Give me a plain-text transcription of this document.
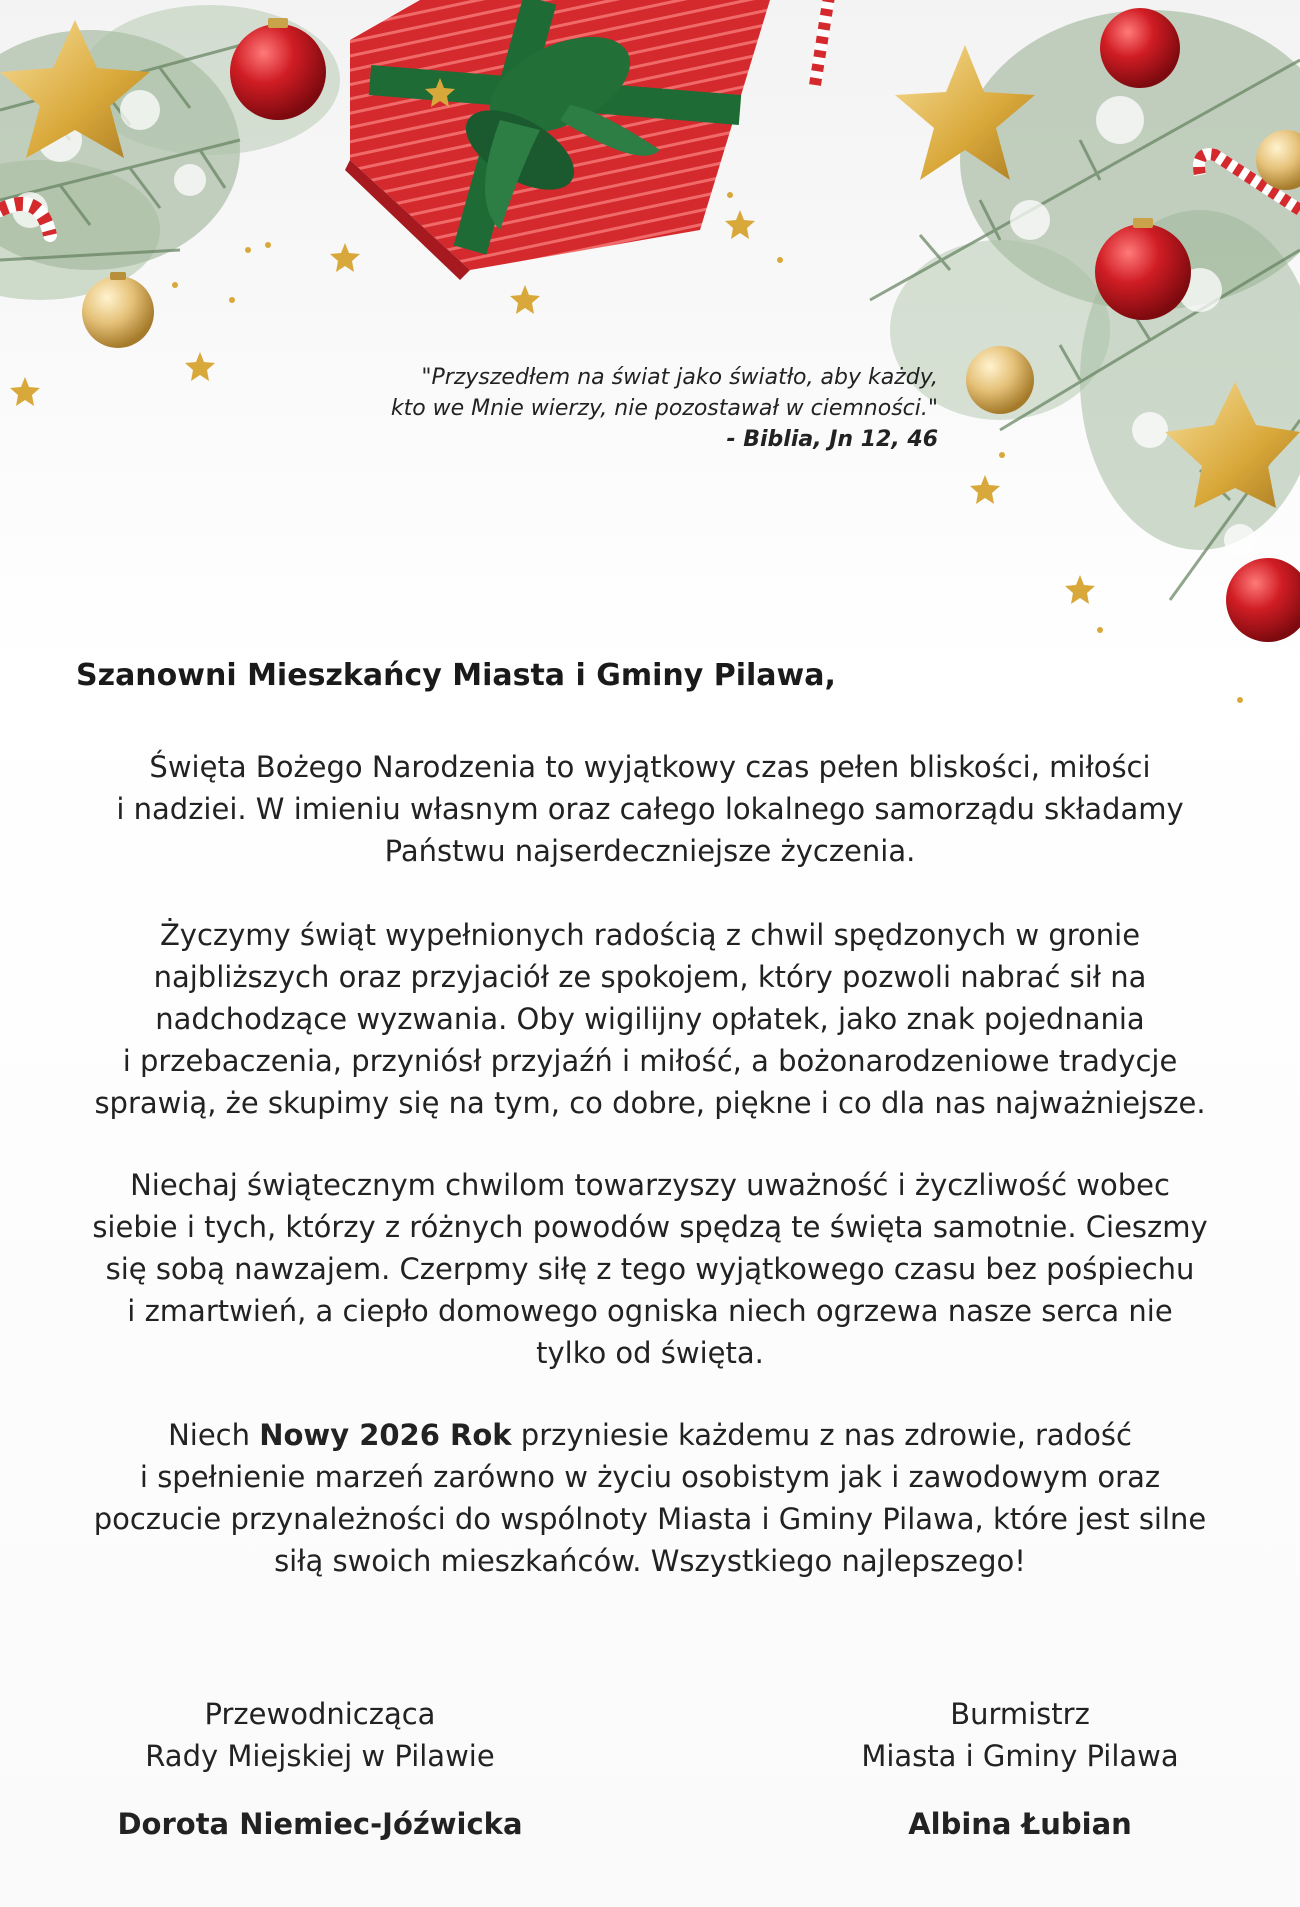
"Przyszedłem na świat jako światło, aby każdy,
kto we Mnie wierzy, nie pozostawał w ciemności."
- Biblia, Jn 12, 46
Szanowni Mieszkańcy Miasta i Gminy Pilawa,
Święta Bożego Narodzenia to wyjątkowy czas pełen bliskości, miłości
i nadziei. W imieniu własnym oraz całego lokalnego samorządu składamy
Państwu najserdeczniejsze życzenia.
Życzymy świąt wypełnionych radością z chwil spędzonych w gronie
najbliższych oraz przyjaciół ze spokojem, który pozwoli nabrać sił na
nadchodzące wyzwania. Oby wigilijny opłatek, jako znak pojednania
i przebaczenia, przyniósł przyjaźń i miłość, a bożonarodzeniowe tradycje
sprawią, że skupimy się na tym, co dobre, piękne i co dla nas najważniejsze.
Niechaj świątecznym chwilom towarzyszy uważność i życzliwość wobec
siebie i tych, którzy z różnych powodów spędzą te święta samotnie. Cieszmy
się sobą nawzajem. Czerpmy siłę z tego wyjątkowego czasu bez pośpiechu
i zmartwień, a ciepło domowego ogniska niech ogrzewa nasze serca nie
tylko od święta.
Niech Nowy 2026 Rok przyniesie każdemu z nas zdrowie, radość
i spełnienie marzeń zarówno w życiu osobistym jak i zawodowym oraz
poczucie przynależności do wspólnoty Miasta i Gminy Pilawa, które jest silne
siłą swoich mieszkańców. Wszystkiego najlepszego!
Przewodnicząca
Rady Miejskiej w Pilawie
Dorota Niemiec-Jóźwicka
Burmistrz
Miasta i Gminy Pilawa
Albina Łubian
